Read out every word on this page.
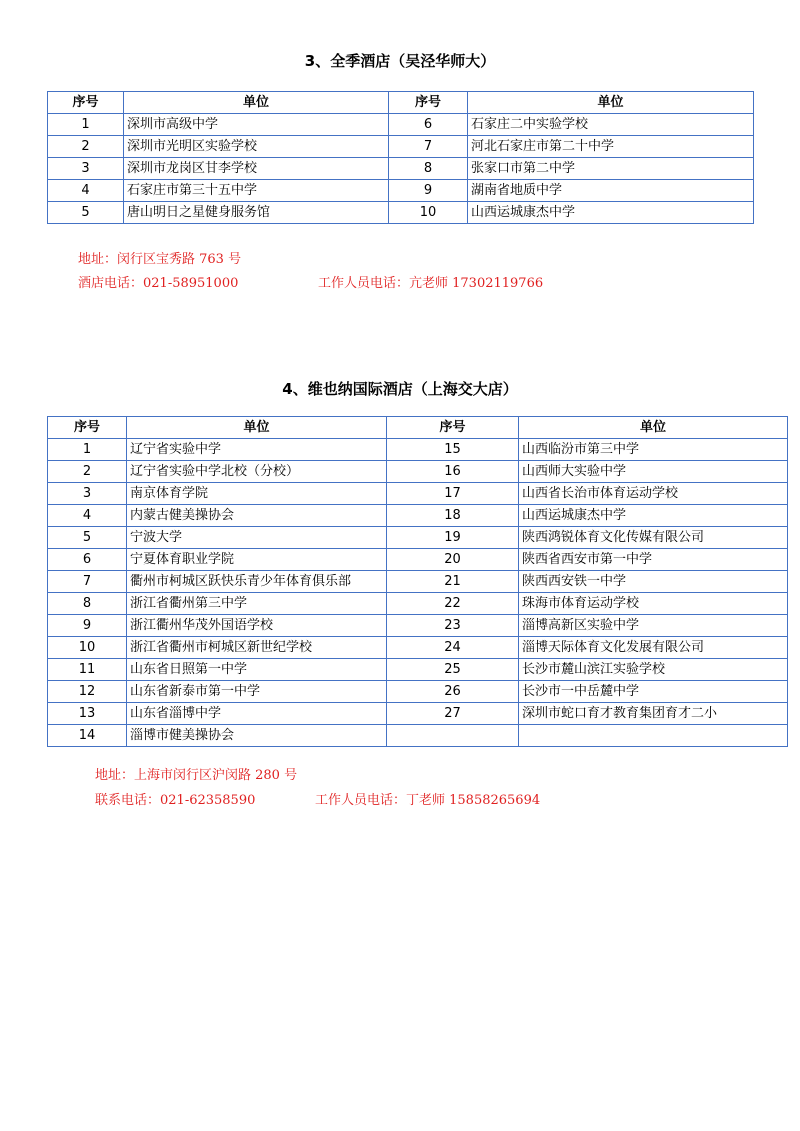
3、全季酒店（吴泾华师大）
序号	单位	序号	单位
1	深圳市高级中学	6	石家庄二中实验学校
2	深圳市光明区实验学校	7	河北石家庄市第二十中学
3	深圳市龙岗区甘李学校	8	张家口市第二中学
4	石家庄市第三十五中学	9	湖南省地质中学
5	唐山明日之星健身服务馆	10	山西运城康杰中学
地址：闵行区宝秀路 763 号
酒店电话：021-58951000	工作人员电话：亢老师 17302119766
4、维也纳国际酒店（上海交大店）
序号	单位	序号	单位
1	辽宁省实验中学	15	山西临汾市第三中学
2	辽宁省实验中学北校（分校）	16	山西师大实验中学
3	南京体育学院	17	山西省长治市体育运动学校
4	内蒙古健美操协会	18	山西运城康杰中学
5	宁波大学	19	陕西鸿锐体育文化传媒有限公司
6	宁夏体育职业学院	20	陕西省西安市第一中学
7	衢州市柯城区跃快乐青少年体育俱乐部	21	陕西西安铁一中学
8	浙江省衢州第三中学	22	珠海市体育运动学校
9	浙江衢州华茂外国语学校	23	淄博高新区实验中学
10	浙江省衢州市柯城区新世纪学校	24	淄博天际体育文化发展有限公司
11	山东省日照第一中学	25	长沙市麓山滨江实验学校
12	山东省新泰市第一中学	26	长沙市一中岳麓中学
13	山东省淄博中学	27	深圳市蛇口育才教育集团育才二小
14	淄博市健美操协会		
地址：上海市闵行区沪闵路 280 号
联系电话：021-62358590	工作人员电话：丁老师 15858265694
